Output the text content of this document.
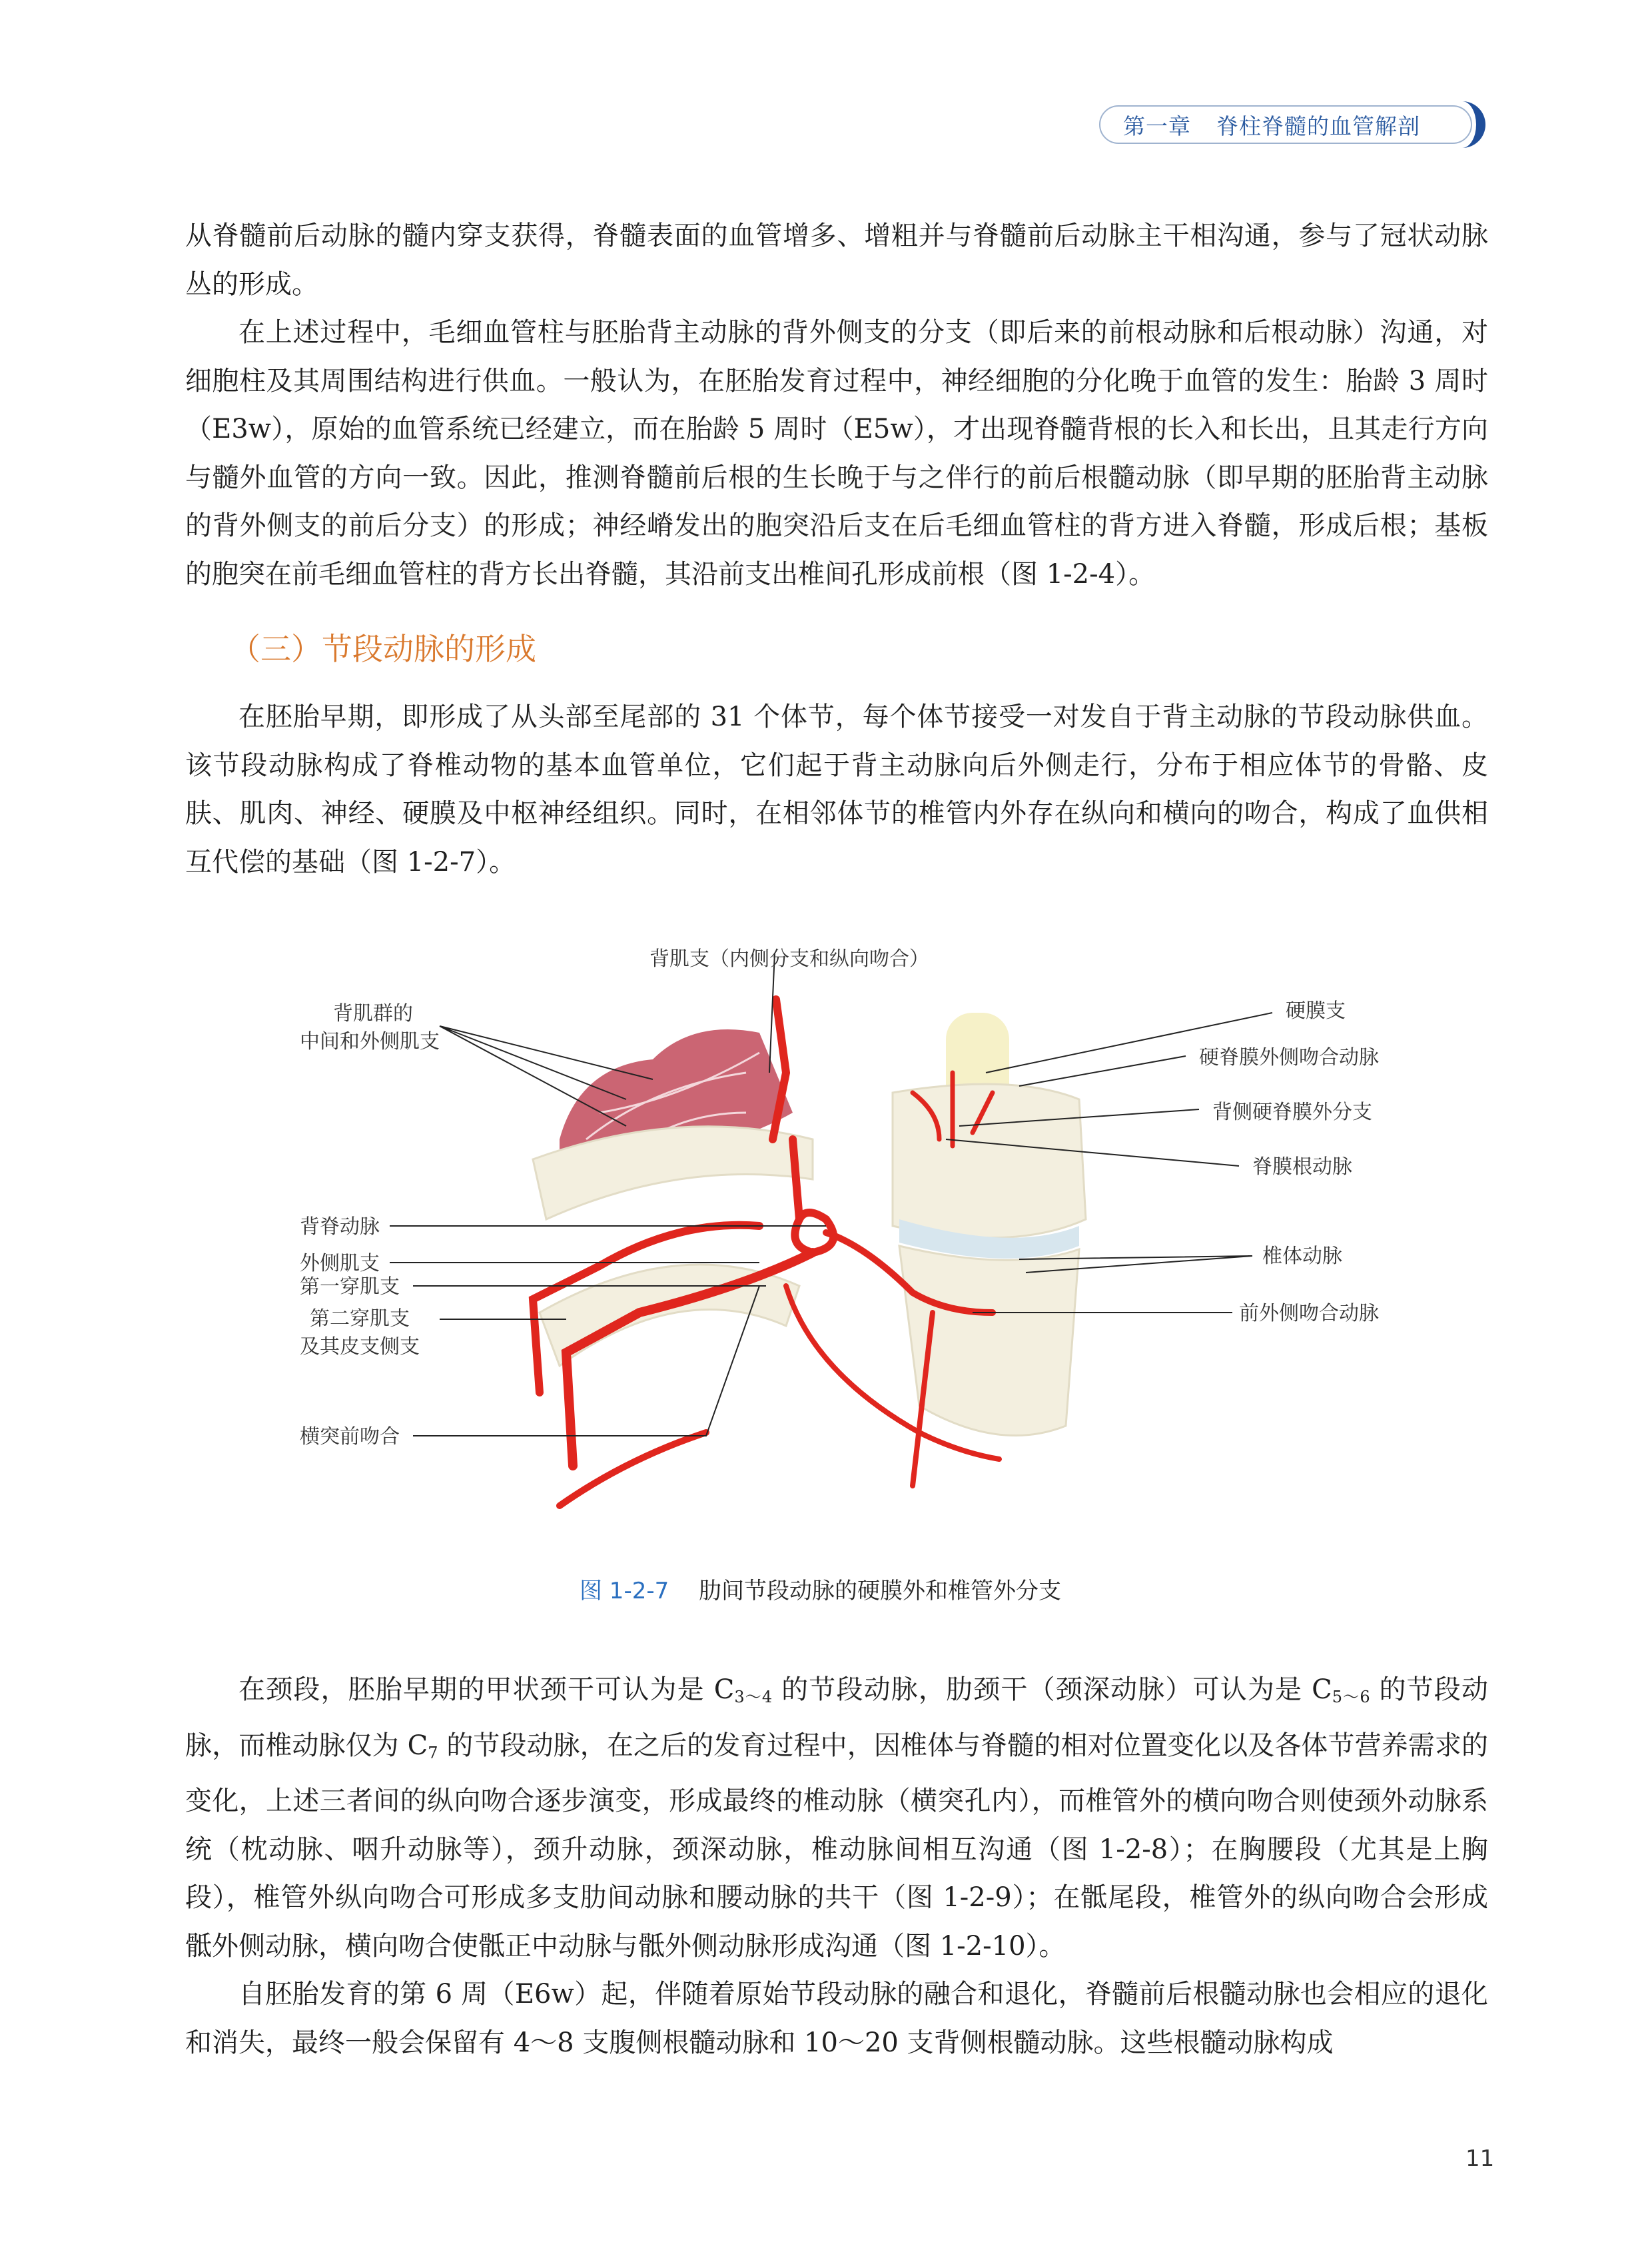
第一章 脊柱脊髓的血管解剖

从脊髓前后动脉的髓内穿支获得，脊髓表面的血管增多、增粗并与脊髓前后动脉主干相沟通，参与了冠状动脉丛的形成。

在上述过程中，毛细血管柱与胚胎背主动脉的背外侧支的分支（即后来的前根动脉和后根动脉）沟通，对细胞柱及其周围结构进行供血。一般认为，在胚胎发育过程中，神经细胞的分化晚于血管的发生：胎龄 3 周时（E3w），原始的血管系统已经建立，而在胎龄 5 周时（E5w），才出现脊髓背根的长入和长出，且其走行方向与髓外血管的方向一致。因此，推测脊髓前后根的生长晚于与之伴行的前后根髓动脉（即早期的胚胎背主动脉的背外侧支的前后分支）的形成；神经嵴发出的胞突沿后支在后毛细血管柱的背方进入脊髓，形成后根；基板的胞突在前毛细血管柱的背方长出脊髓，其沿前支出椎间孔形成前根（图 1-2-4）。

（三）节段动脉的形成

在胚胎早期，即形成了从头部至尾部的 31 个体节，每个体节接受一对发自于背主动脉的节段动脉供血。该节段动脉构成了脊椎动物的基本血管单位，它们起于背主动脉向后外侧走行，分布于相应体节的骨骼、皮肤、肌肉、神经、硬膜及中枢神经组织。同时，在相邻体节的椎管内外存在纵向和横向的吻合，构成了血供相互代偿的基础（图 1-2-7）。

背肌支（内侧分支和纵向吻合）
背肌群的
中间和外侧肌支
硬膜支
硬脊膜外侧吻合动脉
背侧硬脊膜外分支
脊膜根动脉
背脊动脉
外侧肌支
第一穿肌支
第二穿肌支
及其皮支侧支
椎体动脉
前外侧吻合动脉
横突前吻合
图 1-2-7 肋间节段动脉的硬膜外和椎管外分支

在颈段，胚胎早期的甲状颈干可认为是 $C_{3\sim 4}$ 的节段动脉，肋颈干（颈深动脉）可认为是 $C_{5\sim 6}$ 的节段动脉，而椎动脉仅为 $C_7$ 的节段动脉，在之后的发育过程中，因椎体与脊髓的相对位置变化以及各体节营养需求的变化，上述三者间的纵向吻合逐步演变，形成最终的椎动脉（横突孔内），而椎管外的横向吻合则使颈外动脉系统（枕动脉、咽升动脉等），颈升动脉，颈深动脉，椎动脉间相互沟通（图 1-2-8）；在胸腰段（尤其是上胸段），椎管外纵向吻合可形成多支肋间动脉和腰动脉的共干（图 1-2-9）；在骶尾段，椎管外的纵向吻合会形成骶外侧动脉，横向吻合使骶正中动脉与骶外侧动脉形成沟通（图 1-2-10）。

自胚胎发育的第 6 周（E6w）起，伴随着原始节段动脉的融合和退化，脊髓前后根髓动脉也会相应的退化和消失，最终一般会保留有 4～8 支腹侧根髓动脉和 10～20 支背侧根髓动脉。这些根髓动脉构成

11
